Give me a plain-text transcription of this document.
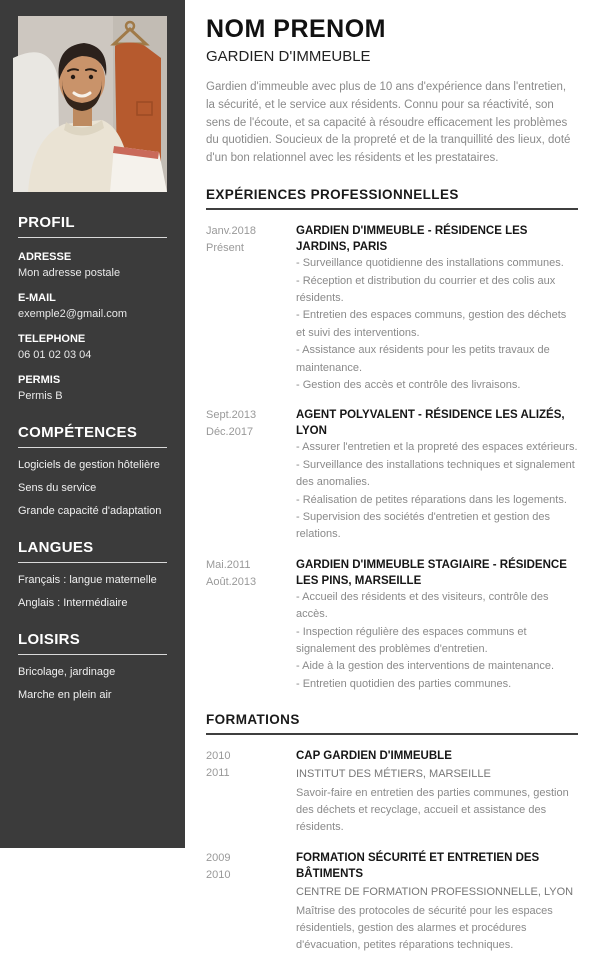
PROFIL
ADRESSE
Mon adresse postale
E-MAIL
exemple2@gmail.com
TELEPHONE
06 01 02 03 04
PERMIS
Permis B
COMPÉTENCES
Logiciels de gestion hôtelière
Sens du service
Grande capacité d'adaptation
LANGUES
Français : langue maternelle
Anglais : Intermédiaire
LOISIRS
Bricolage, jardinage
Marche en plein air
NOM PRENOM
GARDIEN D'IMMEUBLE

Gardien d'immeuble avec plus de 10 ans d'expérience dans l'entretien, la sécurité, et le service aux résidents. Connu pour sa réactivité, son sens de l'écoute, et sa capacité à résoudre efficacement les problèmes du quotidien. Soucieux de la propreté et de la tranquillité des lieux, doté d'un bon relationnel avec les résidents et les prestataires.

EXPÉRIENCES PROFESSIONNELLES
Janv.2018
Présent
GARDIEN D'IMMEUBLE - RÉSIDENCE LES JARDINS, PARIS
- Surveillance quotidienne des installations communes.
- Réception et distribution du courrier et des colis aux résidents.
- Entretien des espaces communs, gestion des déchets et suivi des interventions.
- Assistance aux résidents pour les petits travaux de maintenance.
- Gestion des accès et contrôle des livraisons.
Sept.2013
Déc.2017
AGENT POLYVALENT - RÉSIDENCE LES ALIZÉS, LYON
- Assurer l'entretien et la propreté des espaces extérieurs.
- Surveillance des installations techniques et signalement des anomalies.
- Réalisation de petites réparations dans les logements.
- Supervision des sociétés d'entretien et gestion des relations.
Mai.2011
Août.2013
GARDIEN D'IMMEUBLE STAGIAIRE - RÉSIDENCE LES PINS, MARSEILLE
- Accueil des résidents et des visiteurs, contrôle des accès.
- Inspection régulière des espaces communs et signalement des problèmes d'entretien.
- Aide à la gestion des interventions de maintenance.
- Entretien quotidien des parties communes.
FORMATIONS
2010
2011
CAP GARDIEN D'IMMEUBLE
INSTITUT DES MÉTIERS, MARSEILLE
Savoir-faire en entretien des parties communes, gestion des déchets et recyclage, accueil et assistance des résidents.
2009
2010
FORMATION SÉCURITÉ ET ENTRETIEN DES BÂTIMENTS
CENTRE DE FORMATION PROFESSIONNELLE, LYON
Maîtrise des protocoles de sécurité pour les espaces résidentiels, gestion des alarmes et procédures d'évacuation, petites réparations techniques.
